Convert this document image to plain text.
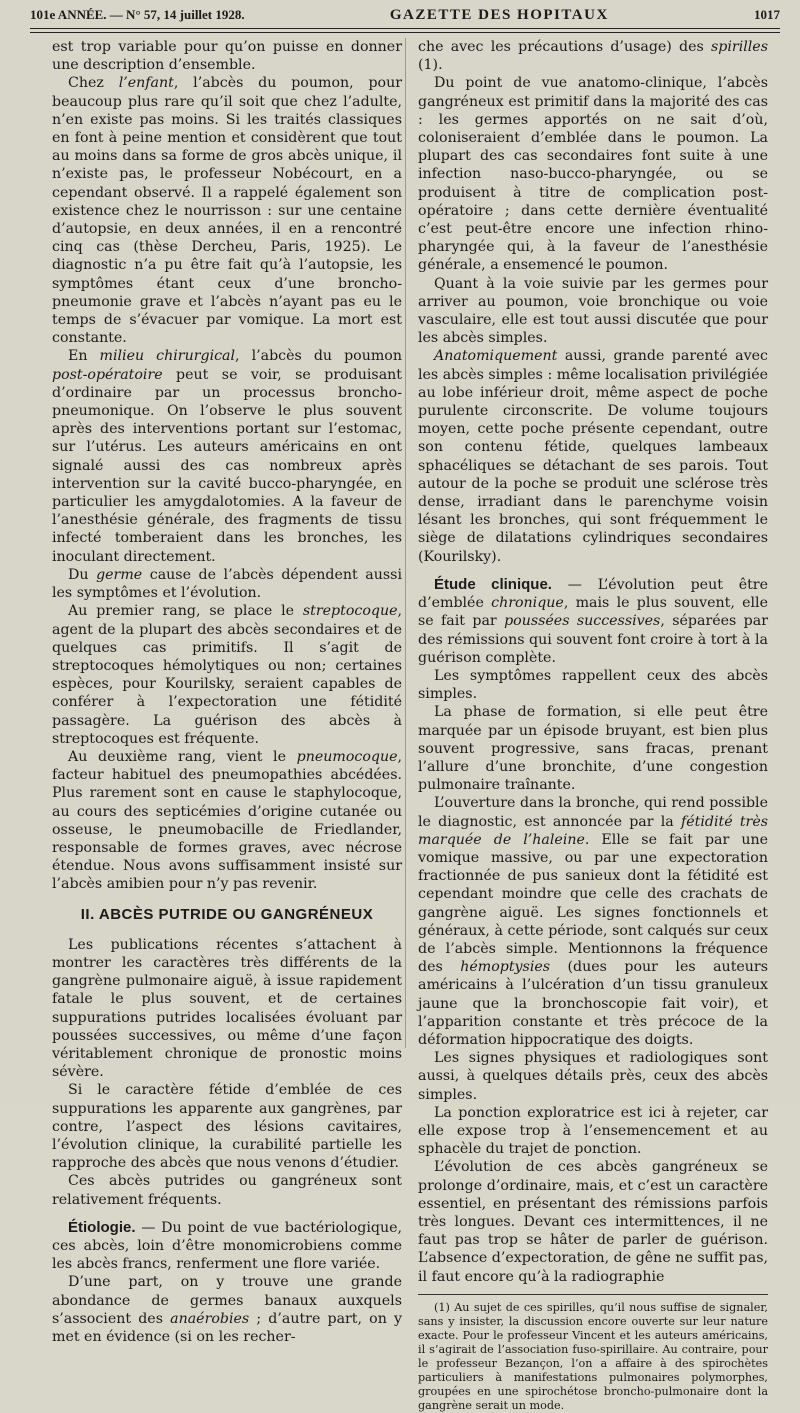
101e ANNÉE. — N° 57, 14 juillet 1928.	GAZETTE DES HOPITAUX	1017

est trop variable pour qu’on puisse en donner une description d’ensemble.

Chez l’enfant, l’abcès du poumon, pour beaucoup plus rare qu’il soit que chez l’adulte, n’en existe pas moins. Si les traités classiques en font à peine mention et considèrent que tout au moins dans sa forme de gros abcès unique, il n’existe pas, le professeur Nobécourt, en a cependant observé. Il a rappelé également son existence chez le nourrisson : sur une centaine d’autopsie, en deux années, il en a rencontré cinq cas (thèse Dercheu, Paris, 1925). Le diagnostic n’a pu être fait qu’à l’autopsie, les symptômes étant ceux d’une broncho-pneumonie grave et l’abcès n’ayant pas eu le temps de s’évacuer par vomique. La mort est constante.

En milieu chirurgical, l’abcès du poumon post-opératoire peut se voir, se produisant d’ordinaire par un processus broncho-pneumonique. On l’observe le plus souvent après des interventions portant sur l’estomac, sur l’utérus. Les auteurs américains en ont signalé aussi des cas nombreux après intervention sur la cavité bucco-pharyngée, en particulier les amygdalotomies. A la faveur de l’anesthésie générale, des fragments de tissu infecté tomberaient dans les bronches, les inoculant directement.

Du germe cause de l’abcès dépendent aussi les symptômes et l’évolution.

Au premier rang, se place le streptocoque, agent de la plupart des abcès secondaires et de quelques cas primitifs. Il s’agit de streptocoques hémolytiques ou non; certaines espèces, pour Kourilsky, seraient capables de conférer à l’expectoration une fétidité passagère. La guérison des abcès à streptocoques est fréquente.

Au deuxième rang, vient le pneumocoque, facteur habituel des pneumopathies abcédées. Plus rarement sont en cause le staphylocoque, au cours des septicémies d’origine cutanée ou osseuse, le pneumobacille de Friedlander, responsable de formes graves, avec nécrose étendue. Nous avons suffisamment insisté sur l’abcès amibien pour n’y pas revenir.

II. ABCÈS PUTRIDE OU GANGRÉNEUX

Les publications récentes s’attachent à montrer les caractères très différents de la gangrène pulmonaire aiguë, à issue rapidement fatale le plus souvent, et de certaines suppurations putrides localisées évoluant par poussées successives, ou même d’une façon véritablement chronique de pronostic moins sévère.

Si le caractère fétide d’emblée de ces suppurations les apparente aux gangrènes, par contre, l’aspect des lésions cavitaires, l’évolution clinique, la curabilité partielle les rapproche des abcès que nous venons d’étudier.

Ces abcès putrides ou gangréneux sont relativement fréquents.

Étiologie. — Du point de vue bactériologique, ces abcès, loin d’être monomicrobiens comme les abcès francs, renferment une flore variée.

D’une part, on y trouve une grande abondance de germes banaux auxquels s’associent des anaérobies ; d’autre part, on y met en évidence (si on les recher-

che avec les précautions d’usage) des spirilles (1).

Du point de vue anatomo-clinique, l’abcès gangréneux est primitif dans la majorité des cas : les germes apportés on ne sait d’où, coloniseraient d’emblée dans le poumon. La plupart des cas secondaires font suite à une infection naso-bucco-pharyngée, ou se produisent à titre de complication post-opératoire ; dans cette dernière éventualité c’est peut-être encore une infection rhino-pharyngée qui, à la faveur de l’anesthésie générale, a ensemencé le poumon.

Quant à la voie suivie par les germes pour arriver au poumon, voie bronchique ou voie vasculaire, elle est tout aussi discutée que pour les abcès simples.

Anatomiquement aussi, grande parenté avec les abcès simples : même localisation privilégiée au lobe inférieur droit, même aspect de poche purulente circonscrite. De volume toujours moyen, cette poche présente cependant, outre son contenu fétide, quelques lambeaux sphacéliques se détachant de ses parois. Tout autour de la poche se produit une sclérose très dense, irradiant dans le parenchyme voisin lésant les bronches, qui sont fréquemment le siège de dilatations cylindriques secondaires (Kourilsky).

Étude clinique. — L’évolution peut être d’emblée chronique, mais le plus souvent, elle se fait par poussées successives, séparées par des rémissions qui souvent font croire à tort à la guérison complète.

Les symptômes rappellent ceux des abcès simples.

La phase de formation, si elle peut être marquée par un épisode bruyant, est bien plus souvent progressive, sans fracas, prenant l’allure d’une bronchite, d’une congestion pulmonaire traînante.

L’ouverture dans la bronche, qui rend possible le diagnostic, est annoncée par la fétidité très marquée de l’haleine. Elle se fait par une vomique massive, ou par une expectoration fractionnée de pus sanieux dont la fétidité est cependant moindre que celle des crachats de gangrène aiguë. Les signes fonctionnels et généraux, à cette période, sont calqués sur ceux de l’abcès simple. Mentionnons la fréquence des hémoptysies (dues pour les auteurs américains à l’ulcération d’un tissu granuleux jaune que la bronchoscopie fait voir), et l’apparition constante et très précoce de la déformation hippocratique des doigts.

Les signes physiques et radiologiques sont aussi, à quelques détails près, ceux des abcès simples.

La ponction exploratrice est ici à rejeter, car elle expose trop à l’ensemencement et au sphacèle du trajet de ponction.

L’évolution de ces abcès gangréneux se prolonge d’ordinaire, mais, et c’est un caractère essentiel, en présentant des rémissions parfois très longues. Devant ces intermittences, il ne faut pas trop se hâter de parler de guérison. L’absence d’expectoration, de gêne ne suffit pas, il faut encore qu’à la radiographie

(1) Au sujet de ces spirilles, qu’il nous suffise de signaler, sans y insister, la discussion encore ouverte sur leur nature exacte. Pour le professeur Vincent et les auteurs américains, il s’agirait de l’association fuso-spirillaire. Au contraire, pour le professeur Bezançon, l’on a affaire à des spirochètes particuliers à manifestations pulmonaires polymorphes, groupées en une spirochétose broncho-pulmonaire dont la gangrène serait un mode.
